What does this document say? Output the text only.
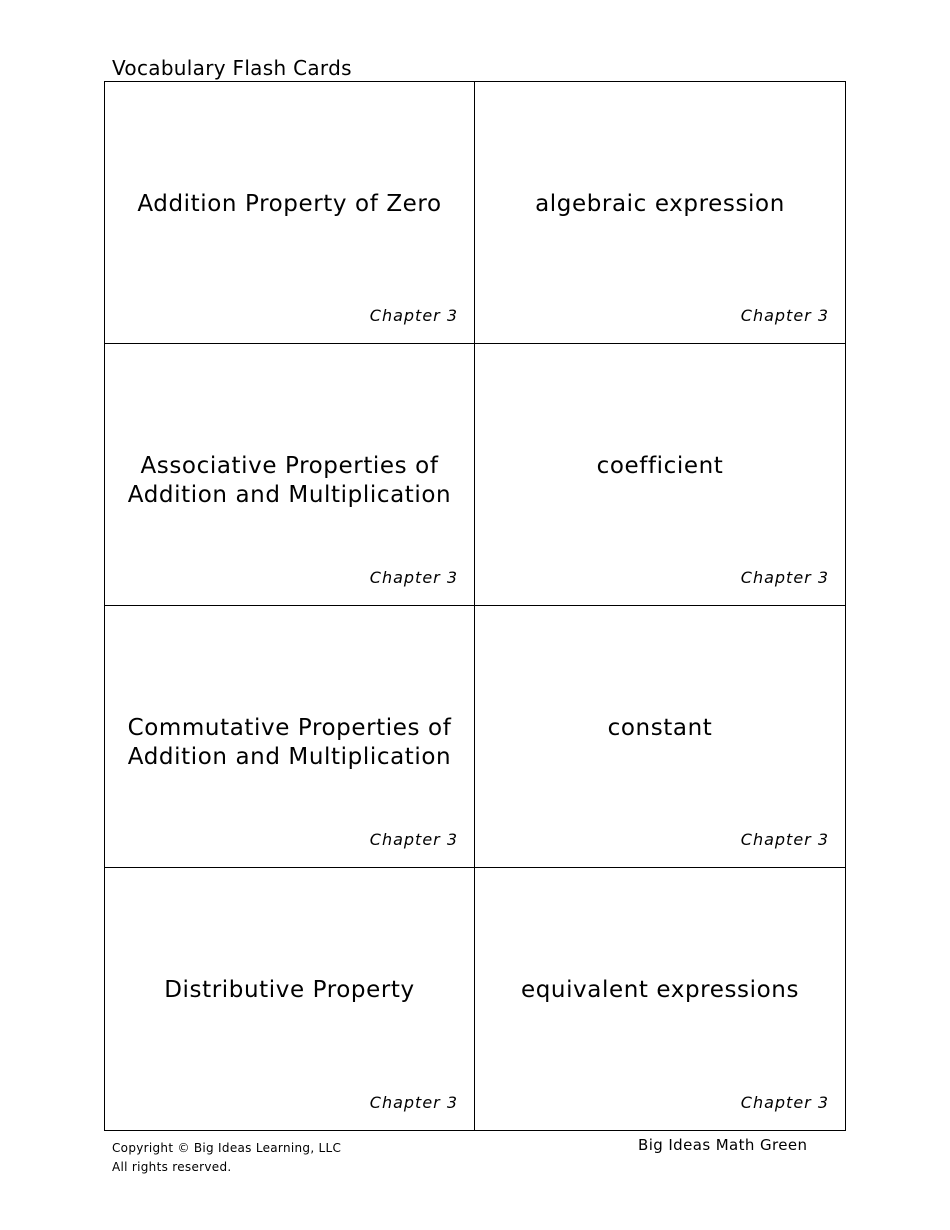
Vocabulary Flash Cards
Addition Property of Zero
Chapter 3
algebraic expression
Chapter 3
Associative Properties of Addition and Multiplication
Chapter 3
coefficient
Chapter 3
Commutative Properties of Addition and Multiplication
Chapter 3
constant
Chapter 3
Distributive Property
Chapter 3
equivalent expressions
Chapter 3
Copyright © Big Ideas Learning, LLC
All rights reserved.
Big Ideas Math Green
